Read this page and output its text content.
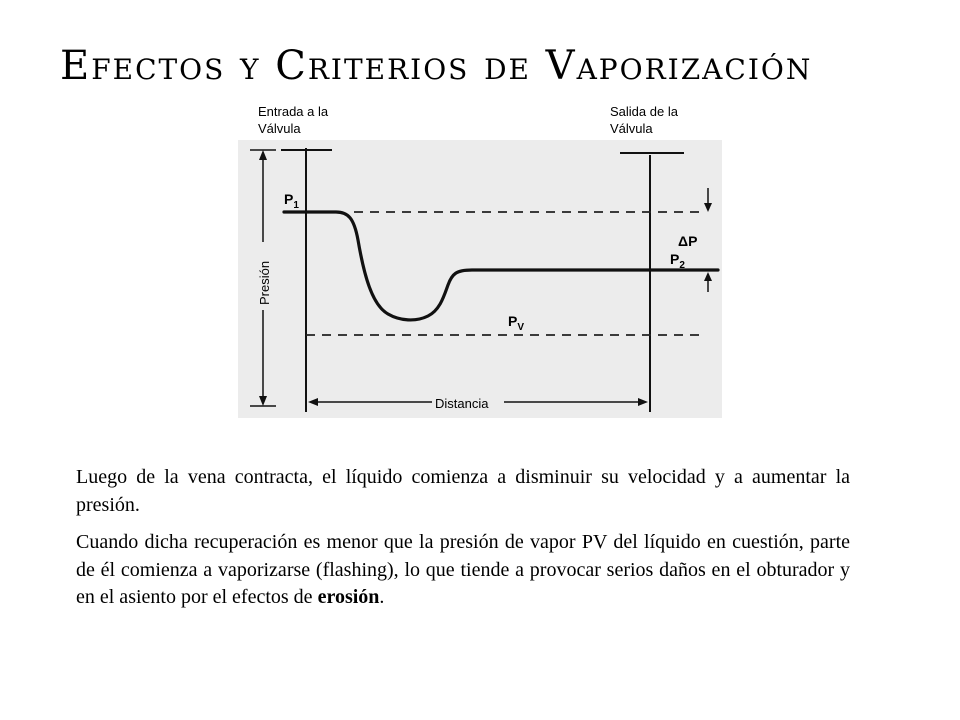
Efectos y Criterios de Vaporización
Entrada a la
Válvula
Salida de la
Válvula
Presión
Distancia
$P_1$
$P_2$
$P_V$
ΔP

Luego de la vena contracta, el líquido comienza a disminuir su velocidad y a aumentar la presión.

Cuando dicha recuperación es menor que la presión de vapor PV del líquido en cuestión, parte de él comienza a vaporizarse (flashing), lo que tiende a provocar serios daños en el obturador y en el asiento por el efectos de erosión.
